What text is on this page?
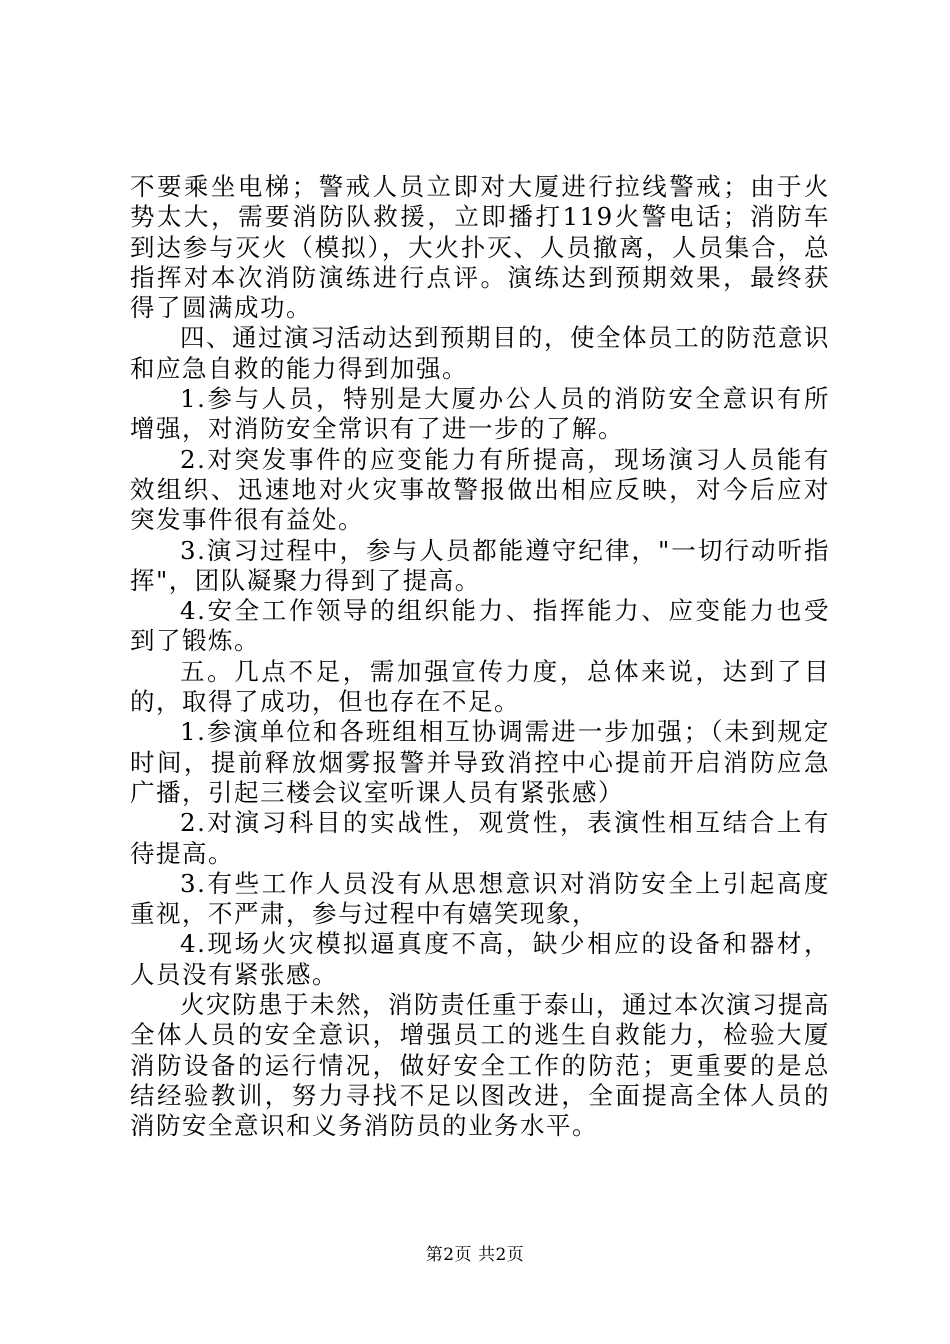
不要乘坐电梯；警戒人员立即对大厦进行拉线警戒；由于火势太大，需要消防队救援，立即播打119火警电话；消防车到达参与灭火（模拟），大火扑灭、人员撤离，人员集合，总指挥对本次消防演练进行点评。演练达到预期效果，最终获得了圆满成功。

四、通过演习活动达到预期目的，使全体员工的防范意识和应急自救的能力得到加强。

1.参与人员，特别是大厦办公人员的消防安全意识有所增强，对消防安全常识有了进一步的了解。

2.对突发事件的应变能力有所提高，现场演习人员能有效组织、迅速地对火灾事故警报做出相应反映，对今后应对突发事件很有益处。

3.演习过程中，参与人员都能遵守纪律，"一切行动听指挥"，团队凝聚力得到了提高。

4.安全工作领导的组织能力、指挥能力、应变能力也受到了锻炼。

五。几点不足，需加强宣传力度，总体来说，达到了目的，取得了成功，但也存在不足。

1.参演单位和各班组相互协调需进一步加强；（未到规定时间，提前释放烟雾报警并导致消控中心提前开启消防应急广播，引起三楼会议室听课人员有紧张感）

2.对演习科目的实战性，观赏性，表演性相互结合上有待提高。

3.有些工作人员没有从思想意识对消防安全上引起高度重视，不严肃，参与过程中有嬉笑现象，

4.现场火灾模拟逼真度不高，缺少相应的设备和器材，人员没有紧张感。

火灾防患于未然，消防责任重于泰山，通过本次演习提高全体人员的安全意识，增强员工的逃生自救能力，检验大厦消防设备的运行情况，做好安全工作的防范；更重要的是总结经验教训，努力寻找不足以图改进，全面提高全体人员的消防安全意识和义务消防员的业务水平。

第2页 共2页
